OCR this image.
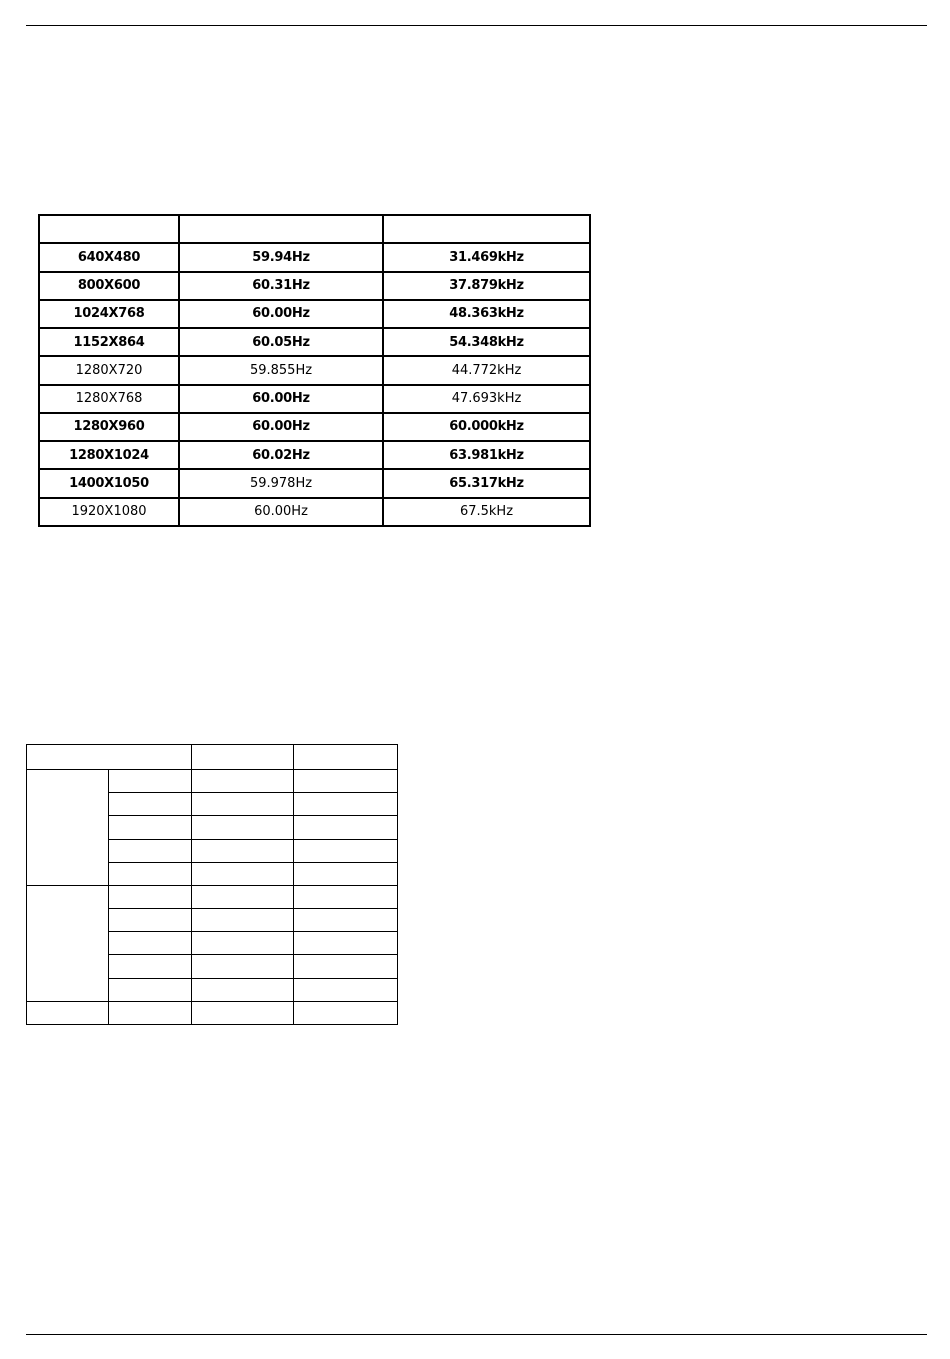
640X480	59.94Hz	31.469kHz
800X600	60.31Hz	37.879kHz
1024X768	60.00Hz	48.363kHz
1152X864	60.05Hz	54.348kHz
1280X720	59.855Hz	44.772kHz
1280X768	60.00Hz	47.693kHz
1280X960	60.00Hz	60.000kHz
1280X1024	60.02Hz	63.981kHz
1400X1050	59.978Hz	65.317kHz
1920X1080	60.00Hz	67.5kHz
